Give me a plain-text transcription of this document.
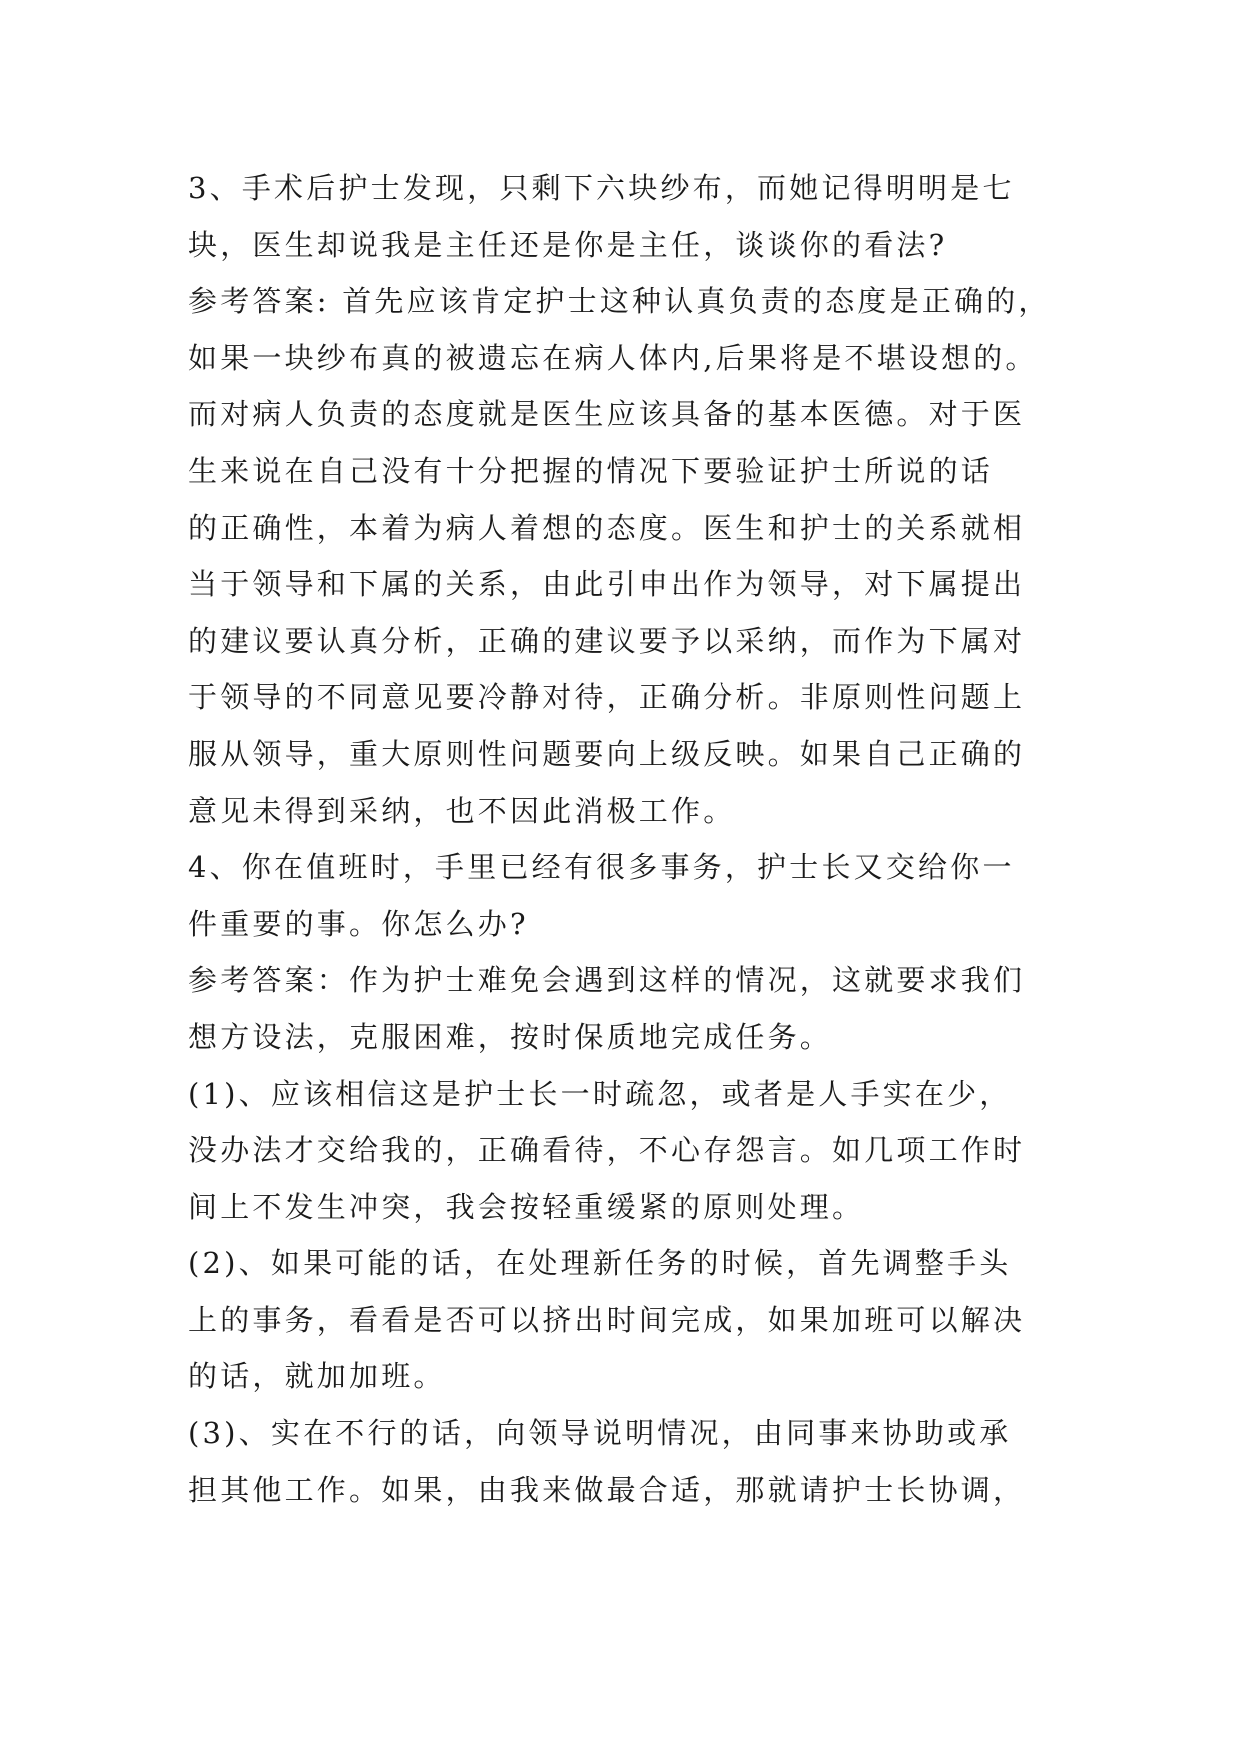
3、手术后护士发现，只剩下六块纱布，而她记得明明是七
块，医生却说我是主任还是你是主任，谈谈你的看法?
参考答案: 首先应该肯定护士这种认真负责的态度是正确的，
如果一块纱布真的被遗忘在病人体内,后果将是不堪设想的。
而对病人负责的态度就是医生应该具备的基本医德。对于医
生来说在自己没有十分把握的情况下要验证护士所说的话
的正确性，本着为病人着想的态度。医生和护士的关系就相
当于领导和下属的关系，由此引申出作为领导，对下属提出
的建议要认真分析，正确的建议要予以采纳，而作为下属对
于领导的不同意见要冷静对待，正确分析。非原则性问题上
服从领导，重大原则性问题要向上级反映。如果自己正确的
意见未得到采纳，也不因此消极工作。
4、你在值班时，手里已经有很多事务，护士长又交给你一
件重要的事。你怎么办?
参考答案：作为护士难免会遇到这样的情况，这就要求我们
想方设法，克服困难，按时保质地完成任务。
(1)、应该相信这是护士长一时疏忽，或者是人手实在少，
没办法才交给我的，正确看待，不心存怨言。如几项工作时
间上不发生冲突，我会按轻重缓紧的原则处理。
(2)、如果可能的话，在处理新任务的时候，首先调整手头
上的事务，看看是否可以挤出时间完成，如果加班可以解决
的话，就加加班。
(3)、实在不行的话，向领导说明情况，由同事来协助或承
担其他工作。如果，由我来做最合适，那就请护士长协调，
